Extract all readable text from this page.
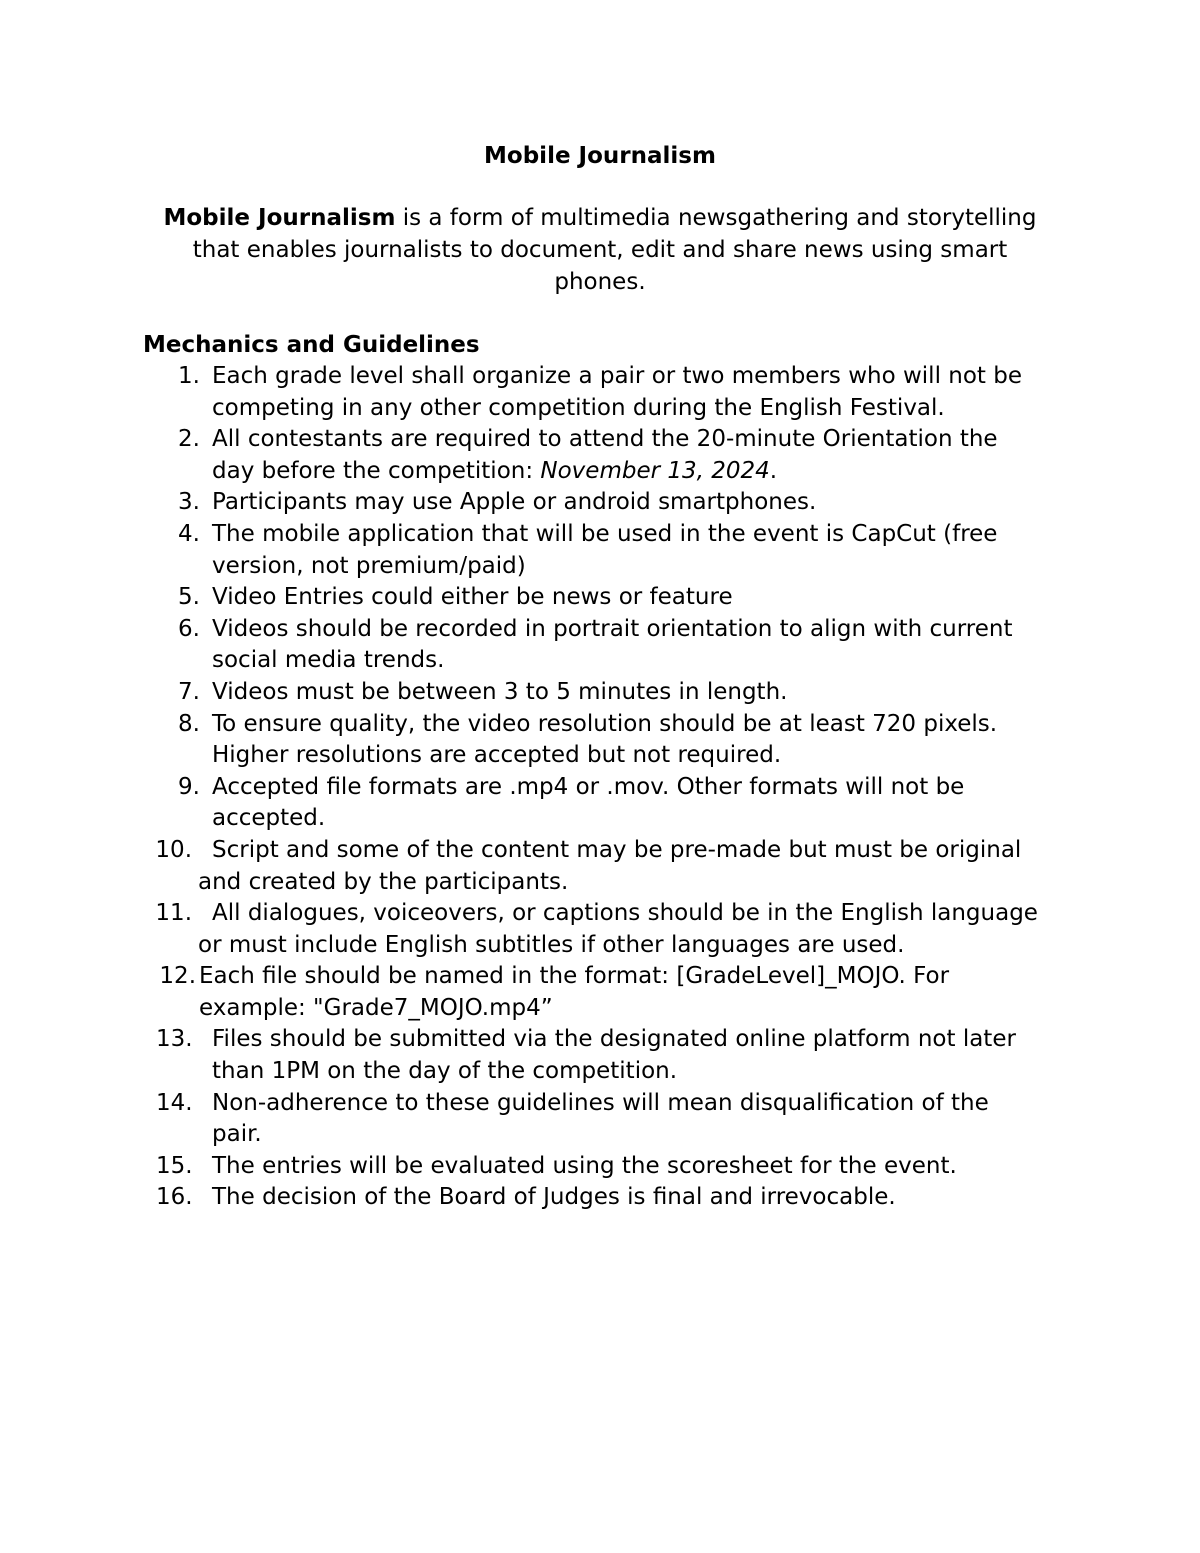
Mobile Journalism
Mobile Journalism is a form of multimedia newsgathering and storytelling
that enables journalists to document, edit and share news using smart
phones.
Mechanics and Guidelines
1. Each grade level shall organize a pair or two members who will not be
competing in any other competition during the English Festival.
2. All contestants are required to attend the 20-minute Orientation the
day before the competition: November 13, 2024.
3. Participants may use Apple or android smartphones.
4. The mobile application that will be used in the event is CapCut (free
version, not premium/paid)
5. Video Entries could either be news or feature
6. Videos should be recorded in portrait orientation to align with current
social media trends.
7. Videos must be between 3 to 5 minutes in length.
8. To ensure quality, the video resolution should be at least 720 pixels.
Higher resolutions are accepted but not required.
9. Accepted file formats are .mp4 or .mov. Other formats will not be
accepted.
10. Script and some of the content may be pre-made but must be original
and created by the participants.
11. All dialogues, voiceovers, or captions should be in the English language
or must include English subtitles if other languages are used.
12. Each file should be named in the format: [GradeLevel]_MOJO. For
example: "Grade7_MOJO.mp4”
13. Files should be submitted via the designated online platform not later
than 1PM on the day of the competition.
14. Non-adherence to these guidelines will mean disqualification of the
pair.
15. The entries will be evaluated using the scoresheet for the event.
16. The decision of the Board of Judges is final and irrevocable.
